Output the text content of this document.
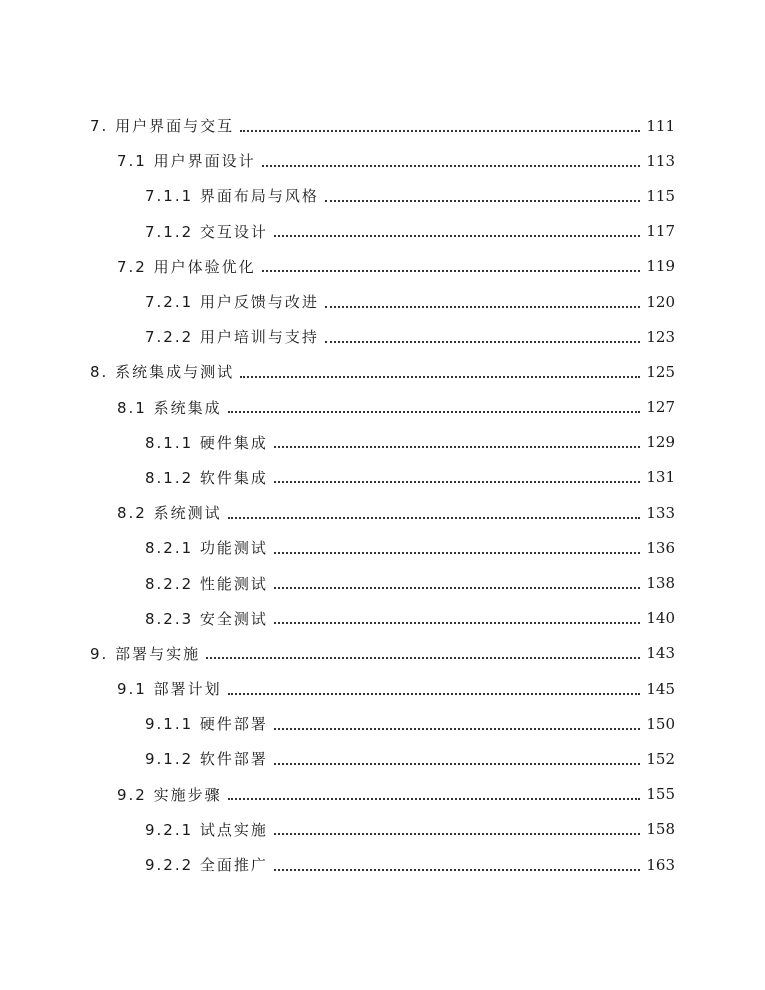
7. 用户界面与交互	111
7.1 用户界面设计	113
7.1.1 界面布局与风格	115
7.1.2 交互设计	117
7.2 用户体验优化	119
7.2.1 用户反馈与改进	120
7.2.2 用户培训与支持	123
8. 系统集成与测试	125
8.1 系统集成	127
8.1.1 硬件集成	129
8.1.2 软件集成	131
8.2 系统测试	133
8.2.1 功能测试	136
8.2.2 性能测试	138
8.2.3 安全测试	140
9. 部署与实施	143
9.1 部署计划	145
9.1.1 硬件部署	150
9.1.2 软件部署	152
9.2 实施步骤	155
9.2.1 试点实施	158
9.2.2 全面推广	163
